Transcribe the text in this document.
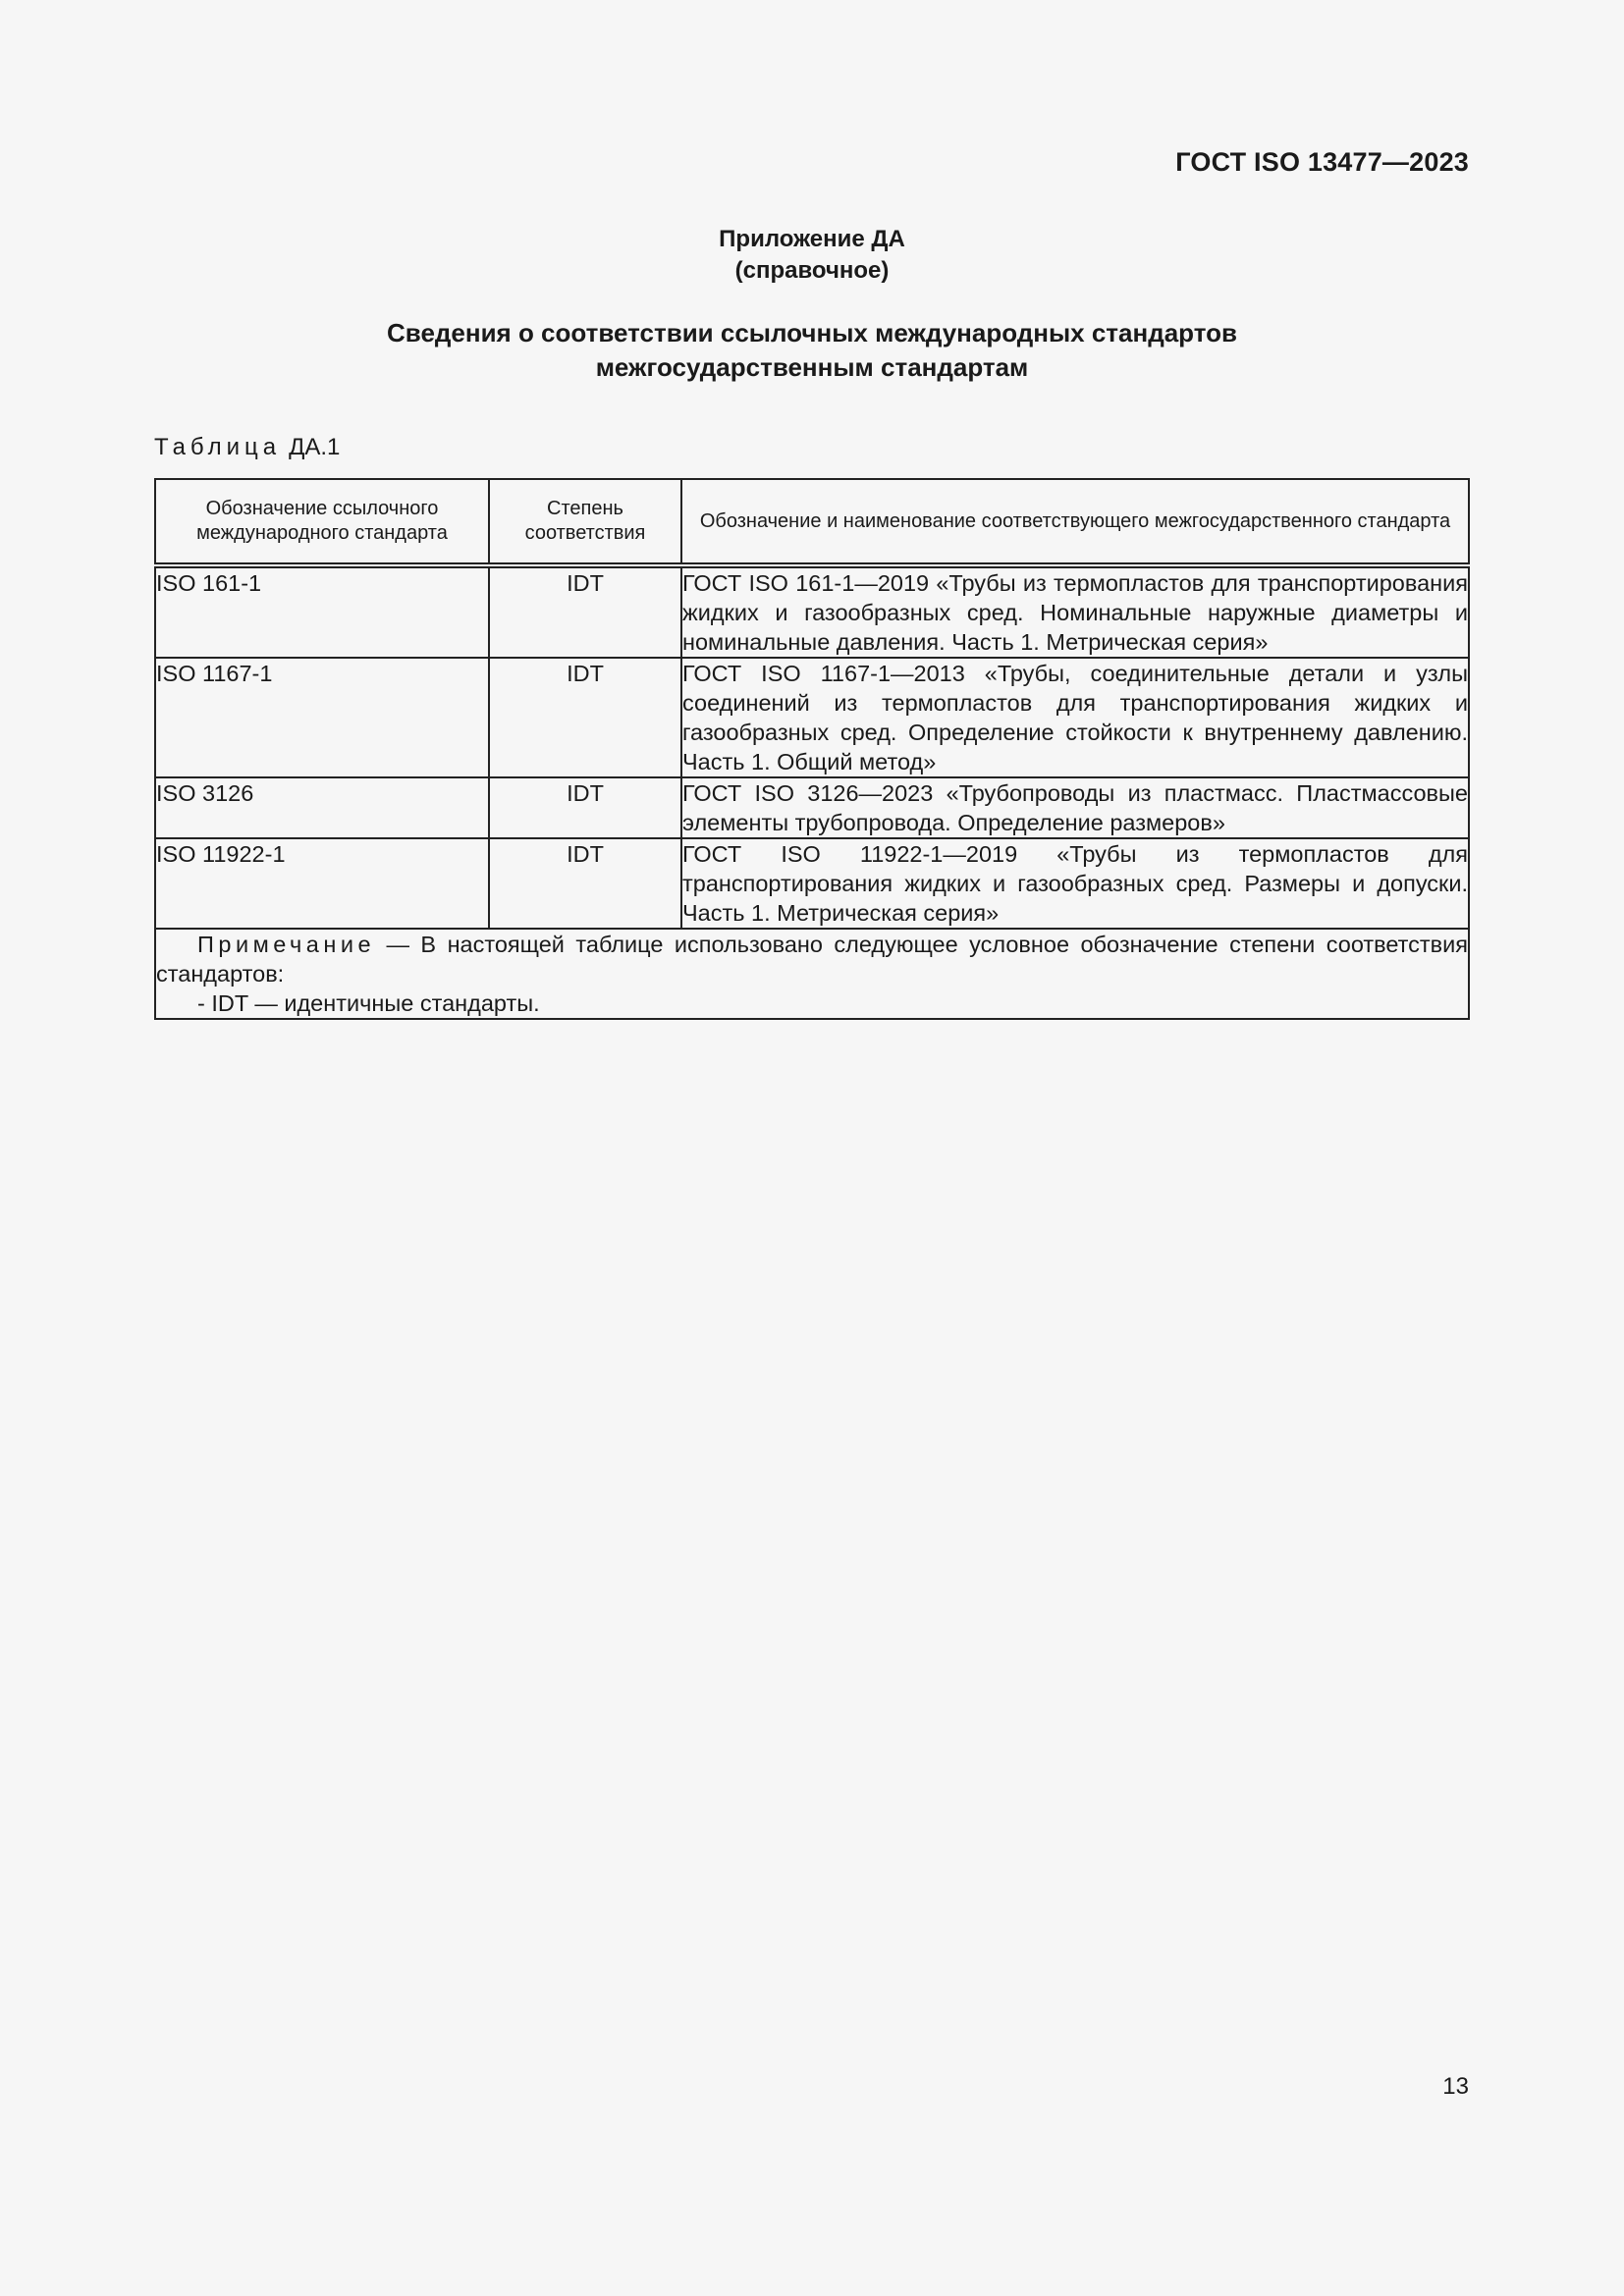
ГОСТ ISO 13477—2023
Приложение ДА
(справочное)
Сведения о соответствии ссылочных международных стандартов
межгосударственным стандартам
Таблица ДА.1
Обозначение ссылочного международного стандарта	Степень соответствия	Обозначение и наименование соответствующего межгосударственного стандарта
ISO 161-1	IDT	ГОСТ ISO 161-1—2019 «Трубы из термопластов для транспортирования жидких и газообразных сред. Номинальные наружные диаметры и номинальные давления. Часть 1. Метрическая серия»
ISO 1167-1	IDT	ГОСТ ISO 1167-1—2013 «Трубы, соединительные детали и узлы соединений из термопластов для транспортирования жидких и газообразных сред. Определение стойкости к внутреннему давлению. Часть 1. Общий метод»
ISO 3126	IDT	ГОСТ ISO 3126—2023 «Трубопроводы из пластмасс. Пластмассовые элементы трубопровода. Определение размеров»
ISO 11922-1	IDT	ГОСТ ISO 11922-1—2019 «Трубы из термопластов для транспортирования жидких и газообразных сред. Размеры и допуски. Часть 1. Метрическая серия»

Примечание — В настоящей таблице использовано следующее условное обозначение степени соответствия стандартов:
- IDT — идентичные стандарты.		
13
